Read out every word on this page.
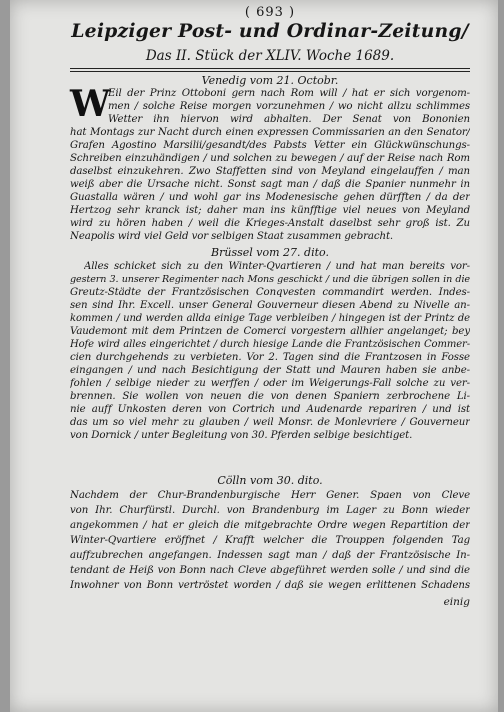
( 693 )
Leipziger Post- und Ordinar-Zeitung/
Das II. Stück der XLIV. Woche 1689.
Venedig vom 21. Octobr.
W
Eil der Prinz Ottoboni gern nach Rom will / hat er sich vorgenom-
men / solche Reise morgen vorzunehmen / wo nicht allzu schlimmes
Wetter ihn hiervon wird abhalten. Der Senat von Bononien
hat Montags zur Nacht durch einen expressen Commissarien an den Senator/
Grafen Agostino Marsilii/gesandt/des Pabsts Vetter ein Glückwünschungs-
Schreiben einzuhändigen / und solchen zu bewegen / auf der Reise nach Rom
daselbst einzukehren. Zwo Staffetten sind von Meyland eingelauffen / man
weiß aber die Ursache nicht. Sonst sagt man / daß die Spanier nunmehr in
Guastalla wären / und wohl gar ins Modenesische gehen dürfften / da der
Hertzog sehr kranck ist; daher man ins künfftige viel neues von Meyland
wird zu hören haben / weil die Krieges-Anstalt daselbst sehr groß ist. Zu
Neapolis wird viel Geld vor selbigen Staat zusammen gebracht.
Brüssel vom 27. dito.
Alles schicket sich zu den Winter-Qvartieren / und hat man bereits vor-
gestern 3. unserer Regimenter nach Mons geschickt / und die übrigen sollen in die
Greutz-Städte der Frantzösischen Conqvesten commandirt werden. Indes-
sen sind Ihr. Excell. unser General Gouverneur diesen Abend zu Nivelle an-
kommen / und werden allda einige Tage verbleiben / hingegen ist der Printz de
Vaudemont mit dem Printzen de Comerci vorgestern allhier angelanget; bey
Hofe wird alles eingerichtet / durch hiesige Lande die Frantzösischen Commer-
cien durchgehends zu verbieten. Vor 2. Tagen sind die Frantzosen in Fosse
eingangen / und nach Besichtigung der Statt und Mauren haben sie anbe-
fohlen / selbige nieder zu werffen / oder im Weigerungs-Fall solche zu ver-
brennen. Sie wollen von neuen die von denen Spaniern zerbrochene Li-
nie auff Unkosten deren von Cortrich und Audenarde repariren / und ist
das um so viel mehr zu glauben / weil Monsr. de Monlevriere / Gouverneur
von Dornick / unter Begleitung von 30. Pferden selbige besichtiget.
Cölln vom 30. dito.
Nachdem der Chur-Brandenburgische Herr Gener. Spaen von Cleve
von Ihr. Churfürstl. Durchl. von Brandenburg im Lager zu Bonn wieder
angekommen / hat er gleich die mitgebrachte Ordre wegen Repartition der
Winter-Qvartiere eröffnet / Krafft welcher die Trouppen folgenden Tag
auffzubrechen angefangen. Indessen sagt man / daß der Frantzösische In-
tendant de Heiß von Bonn nach Cleve abgeführet werden solle / und sind die
Inwohner von Bonn vertröstet worden / daß sie wegen erlittenen Schadens
einig
